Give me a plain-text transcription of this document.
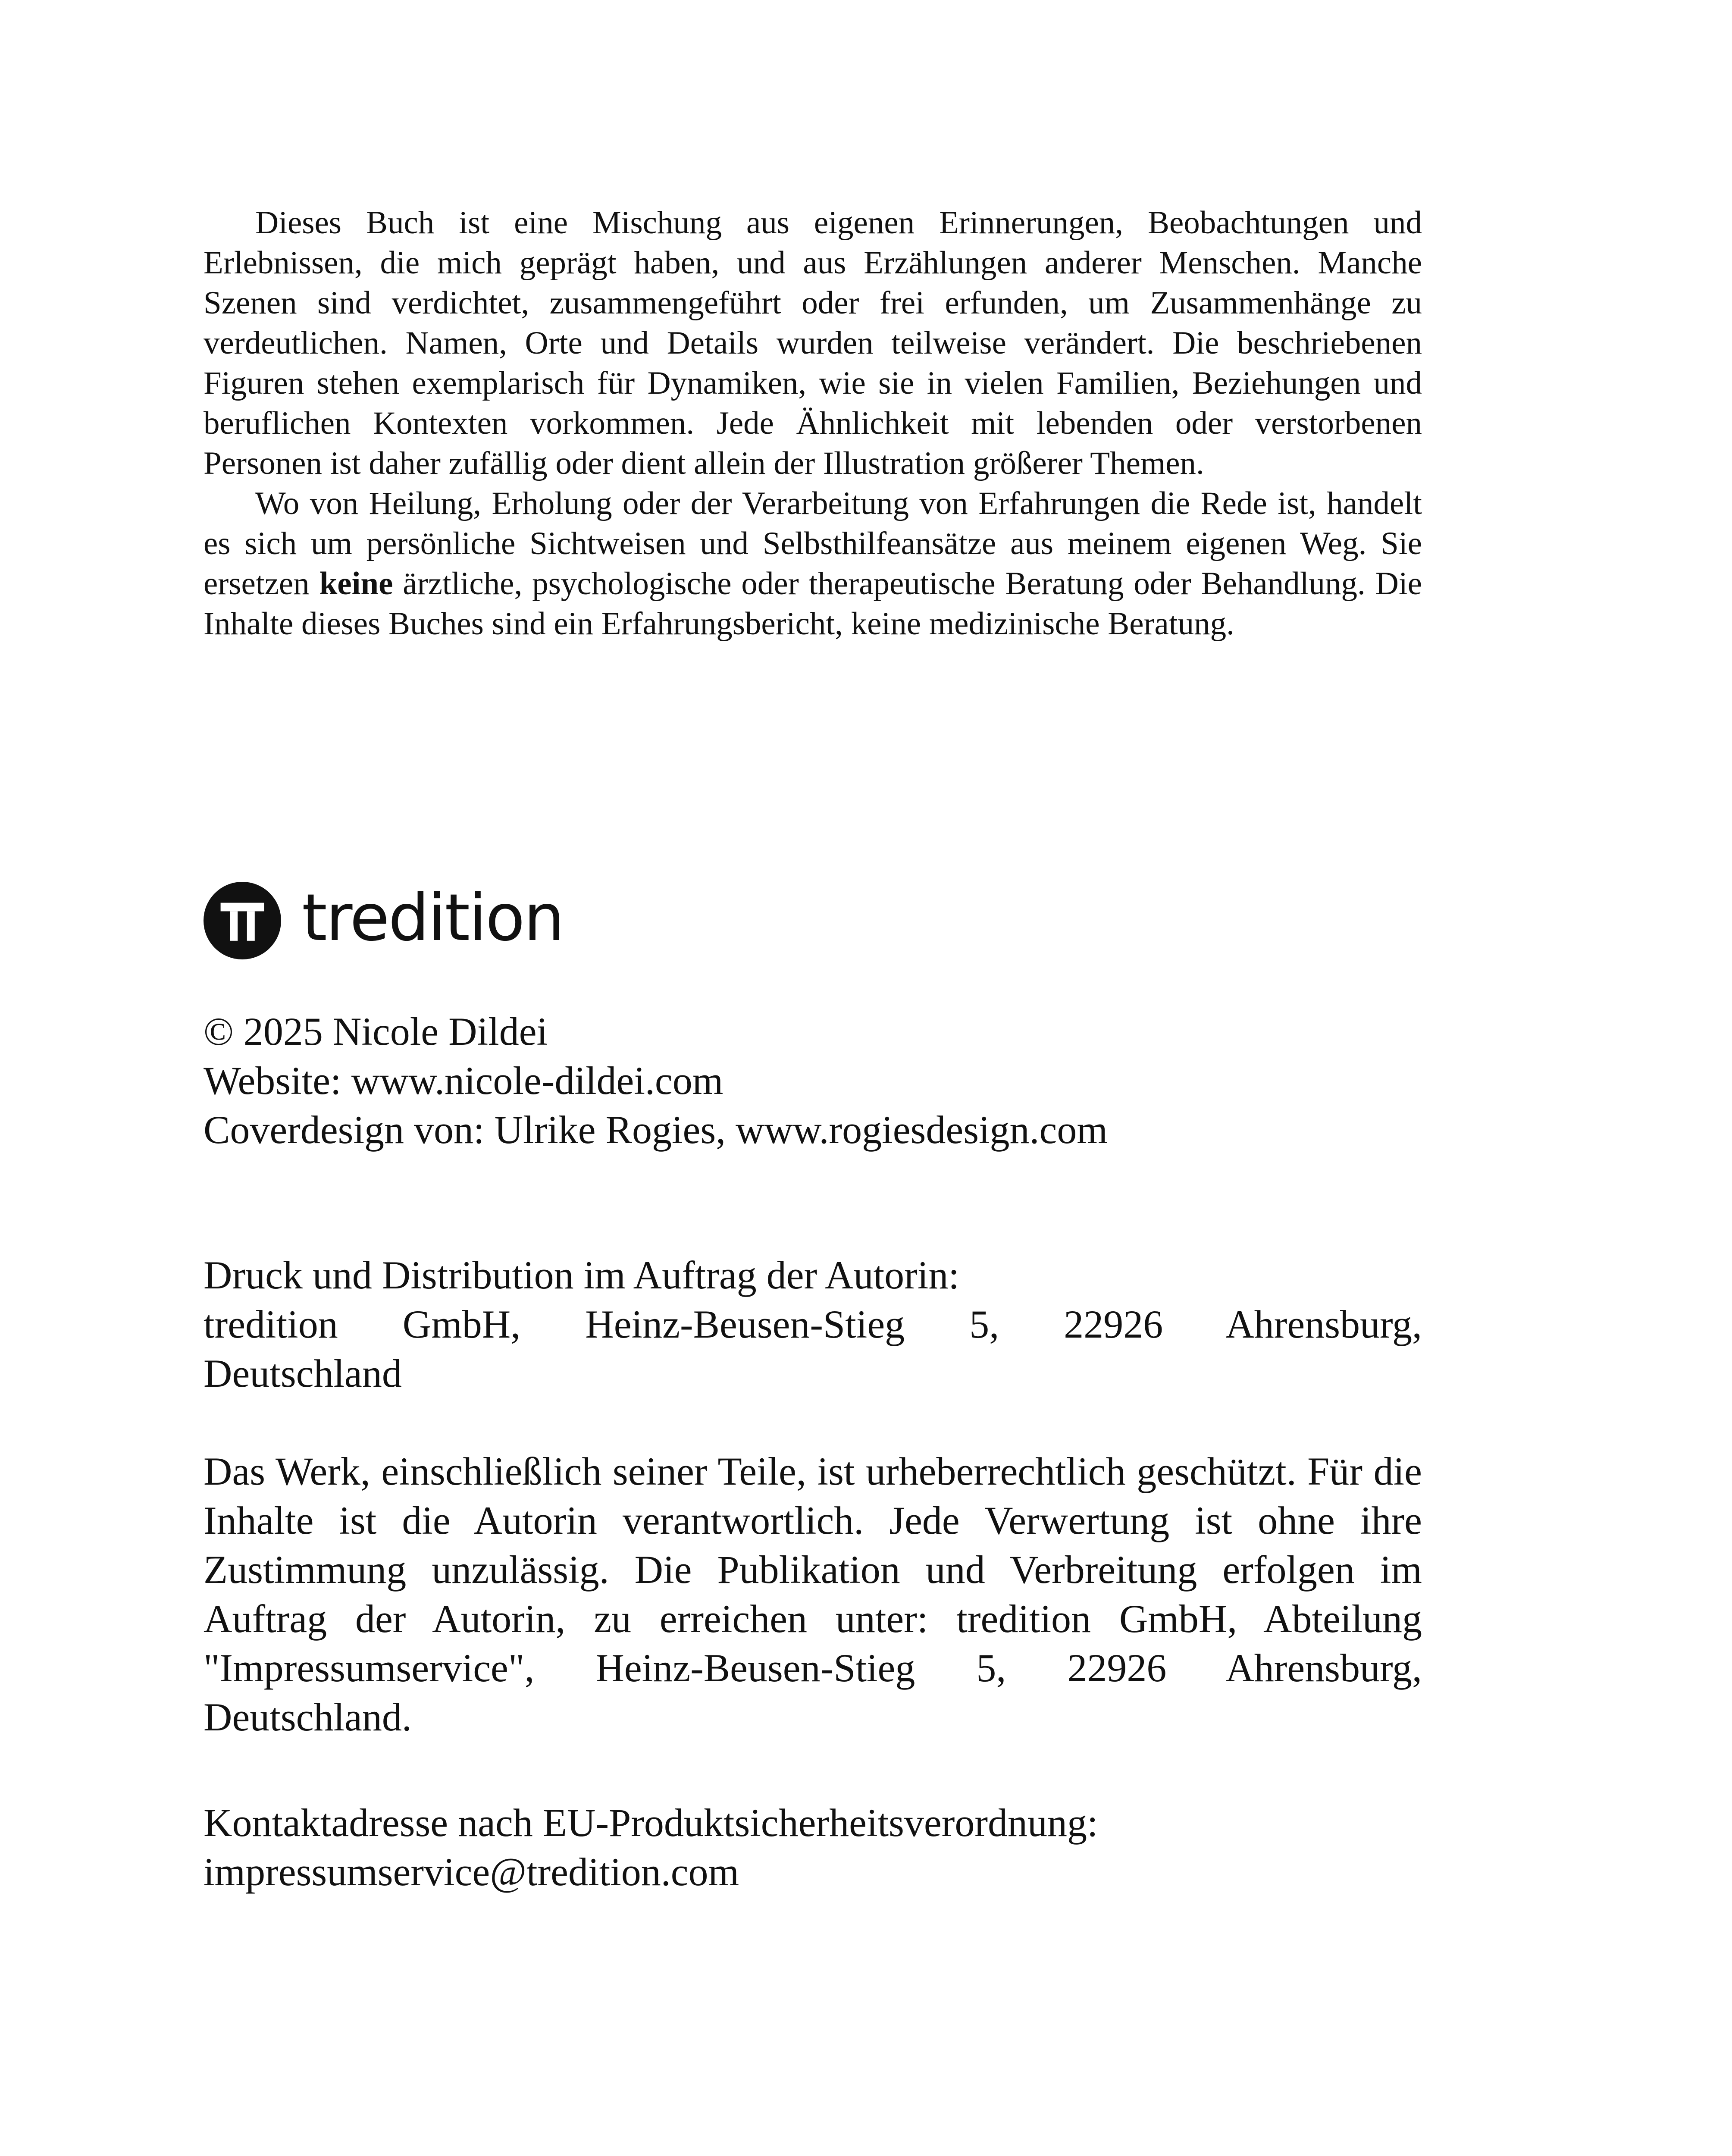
Dieses Buch ist eine Mischung aus eigenen Erinnerungen, Beobachtungen und Erlebnissen, die mich geprägt haben, und aus Erzählungen anderer Menschen. Manche Szenen sind verdichtet, zusammengeführt oder frei erfunden, um Zusammenhänge zu verdeutlichen. Namen, Orte und Details wurden teilweise verändert. Die beschriebenen Figuren stehen exemplarisch für Dynamiken, wie sie in vielen Familien, Beziehungen und beruflichen Kontexten vorkommen. Jede Ähnlichkeit mit lebenden oder verstorbenen Personen ist daher zufällig oder dient allein der Illustration größerer Themen.

Wo von Heilung, Erholung oder der Verarbeitung von Erfahrungen die Rede ist, handelt es sich um persönliche Sichtweisen und Selbsthilfeansätze aus meinem eigenen Weg. Sie ersetzen keine ärztliche, psychologische oder therapeutische Beratung oder Behandlung. Die Inhalte dieses Buches sind ein Erfahrungsbericht, keine medizinische Beratung.

tredition
© 2025 Nicole Dildei
Website: www.nicole-dildei.com
Coverdesign von: Ulrike Rogies, www.rogiesdesign.com
Druck und Distribution im Auftrag der Autorin:
tredition GmbH, Heinz-Beusen-Stieg 5, 22926 Ahrensburg,
Deutschland
Das Werk, einschließlich seiner Teile, ist urheberrechtlich geschützt. Für die Inhalte ist die Autorin verantwortlich. Jede Verwertung ist ohne ihre Zustimmung unzulässig. Die Publikation und Verbreitung erfolgen im Auftrag der Autorin, zu erreichen unter: tredition GmbH, Abteilung "Impressumservice", Heinz-Beusen-Stieg 5, 22926 Ahrensburg, Deutschland.
Kontaktadresse nach EU-Produktsicherheitsverordnung:
impressumservice@tredition.com
